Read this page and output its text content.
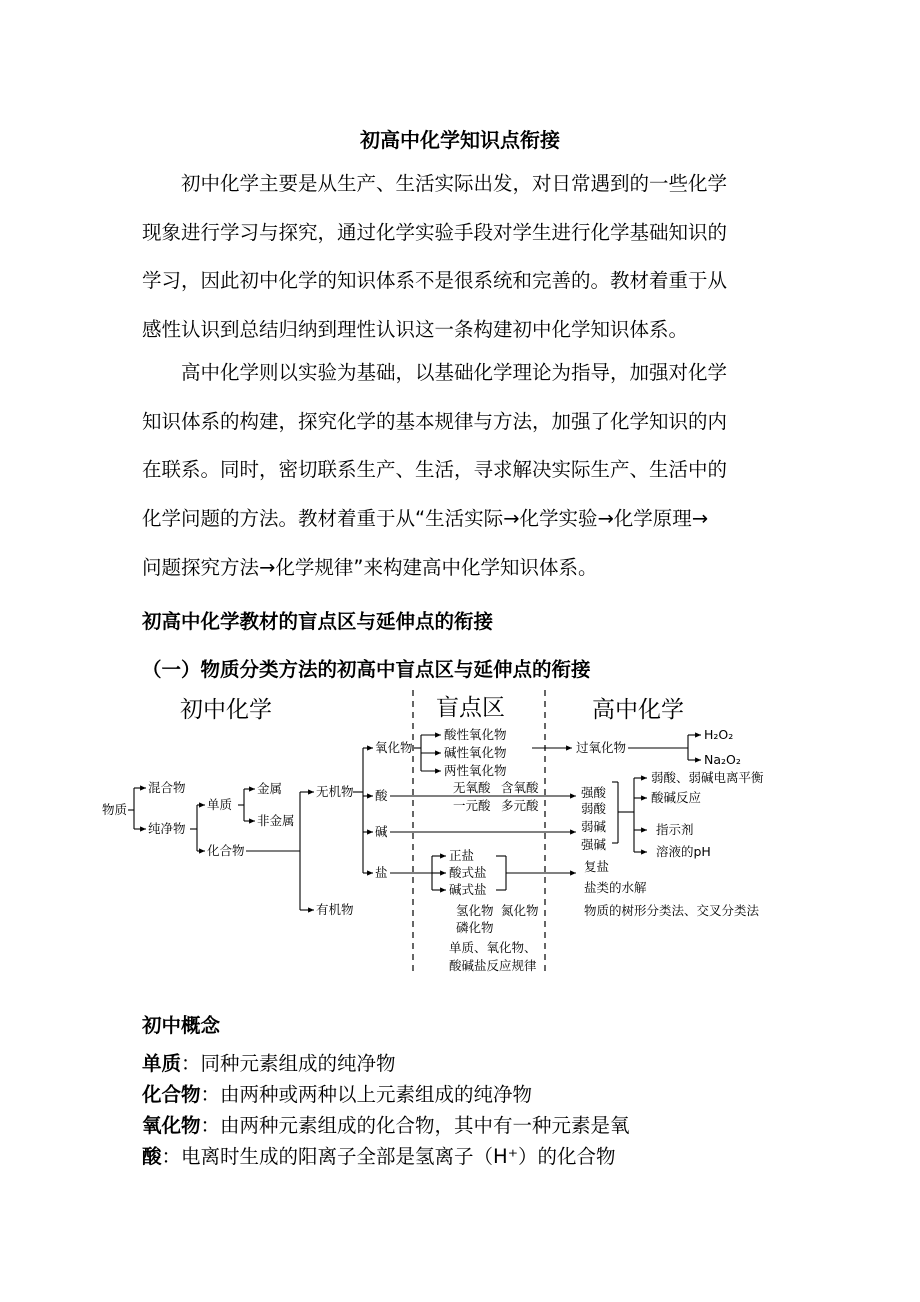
初高中化学知识点衔接

初中化学主要是从生产、生活实际出发，对日常遇到的一些化学
现象进行学习与探究，通过化学实验手段对学生进行化学基础知识的
学习，因此初中化学的知识体系不是很系统和完善的。教材着重于从
感性认识到总结归纳到理性认识这一条构建初中化学知识体系。

高中化学则以实验为基础，以基础化学理论为指导，加强对化学
知识体系的构建，探究化学的基本规律与方法，加强了化学知识的内
在联系。同时，密切联系生产、生活，寻求解决实际生产、生活中的
化学问题的方法。教材着重于从“生活实际→化学实验→化学原理→
问题探究方法→化学规律”来构建高中化学知识体系。

初高中化学教材的盲点区与延伸点的衔接
（一）物质分类方法的初高中盲点区与延伸点的衔接
初中化学	盲点区	高中化学
物质
混合物
纯净物
单质
金属
非金属
化合物
无机物
有机物
氧化物
酸
碱
盐
酸性氧化物
碱性氧化物
两性氧化物
无氧酸 含氧酸
一元酸 多元酸
正盐
酸式盐
碱式盐
氢化物 氮化物
磷化物
单质、氧化物、
酸碱盐反应规律
过氧化物
H₂O₂
Na₂O₂
强酸
弱酸
弱碱
强碱
弱酸、弱碱电离平衡
酸碱反应
指示剂
溶液的pH
复盐
盐类的水解
物质的树形分类法、交叉分类法
初中概念
单质：同种元素组成的纯净物
化合物：由两种或两种以上元素组成的纯净物
氧化物：由两种元素组成的化合物，其中有一种元素是氧
酸：电离时生成的阳离子全部是氢离子（H⁺）的化合物
